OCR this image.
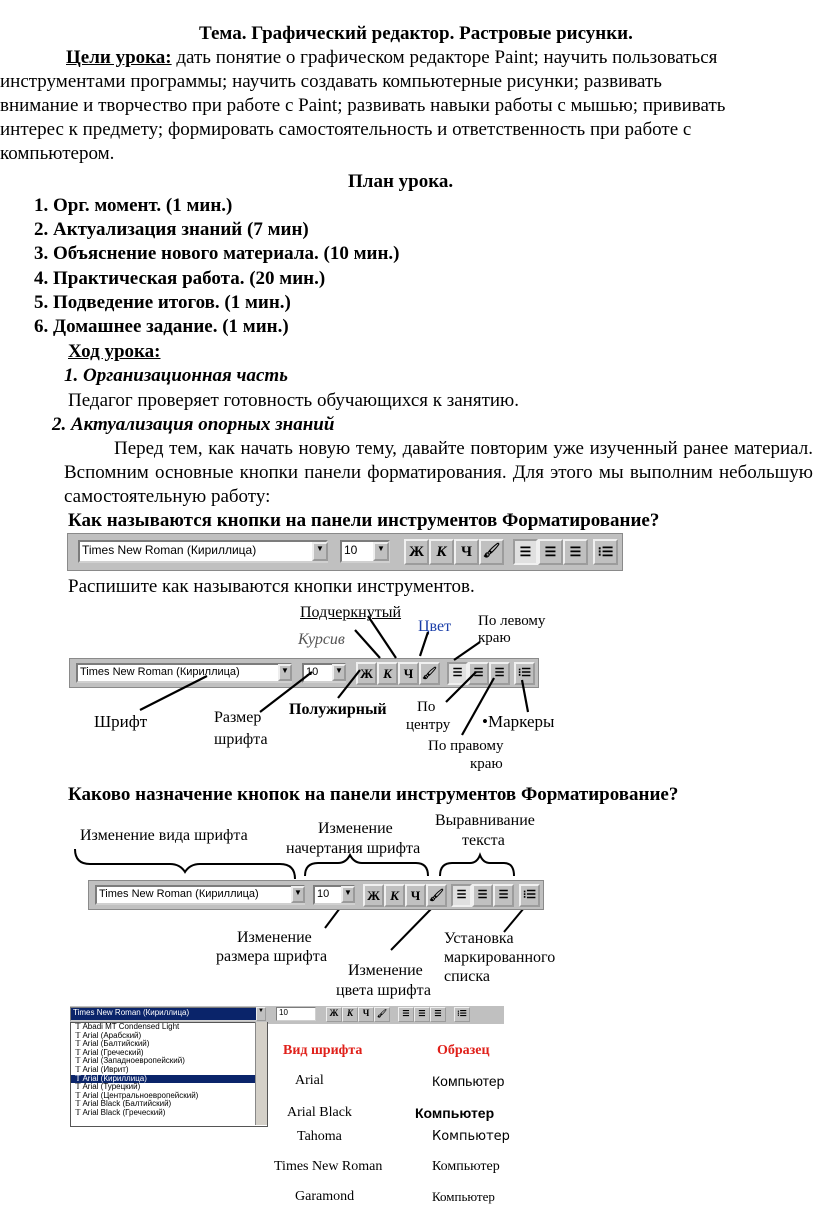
Тема. Графический редактор. Растровые рисунки.
Цели урока: дать понятие о графическом редакторе Paint; научить пользоваться
инструментами программы; научить создавать компьютерные рисунки; развивать
внимание и творчество при работе с Paint; развивать навыки работы с мышью; прививать
интерес к предмету; формировать самостоятельность и ответственность при работе с
компьютером.
План урока.
1. Орг. момент. (1 мин.)
2. Актуализация знаний (7 мин)
3. Объяснение нового материала. (10 мин.)
4. Практическая работа. (20 мин.)
5. Подведение итогов. (1 мин.)
6. Домашнее задание. (1 мин.)
Ход урока:
1. Организационная часть
Педагог проверяет готовность обучающихся к занятию.
2. Актуализация опорных знаний
Перед тем, как начать новую тему, давайте повторим уже изученный ранее материал. Вспомним основные кнопки панели форматирования. Для этого мы выполним небольшую самостоятельную работу:
Как называются кнопки на панели инструментов Форматирование?
Times New Roman (Кириллица)	▼	10	▼	Ж К Ч 🖌	☰	☰	☰	⁝☰
Распишите как называются кнопки инструментов.
Times New Roman (Кириллица)	▼	10	▼	Ж К Ч 🖌	☰	☰	☰	⁝☰
Подчеркнутый
Курсив
Цвет По левому
краю
Шрифт	Размер
шрифта
Полужирный По
центру •Маркеры
По правому
краю
Каково назначение кнопок на панели инструментов Форматирование?
Изменение вида шрифта	Изменение
начертания шрифта
Выравнивание
текста
Times New Roman (Кириллица)	▼	10	▼	Ж К Ч 🖌	☰	☰	☰	⁝☰
Изменение
размера шрифта
Изменение
цвета шрифта
Установка
маркированного
списка
Times New Roman (Кириллица)	▼	10	Ж К	Ч 🖌	☰	☰	☰	⁝☰
𝕋 Abadi MT Condensed Light
𝕋 Arial (Арабский)
𝕋 Arial (Балтийский)
𝕋 Arial (Греческий)
𝕋 Arial (Западноевропейский)
𝕋 Arial (Иврит)
𝕋 Arial (Кириллица)
𝕋 Arial (Турецкий)
𝕋 Arial (Центральноевропейский)
𝕋 Arial Black (Балтийский)
𝕋 Arial Black (Греческий)
Вид шрифта	Образец
Arial	Компьютер
Arial Black	Компьютер
Tahoma	Компьютер
Times New Roman	Компьютер
Garamond	Компьютер
